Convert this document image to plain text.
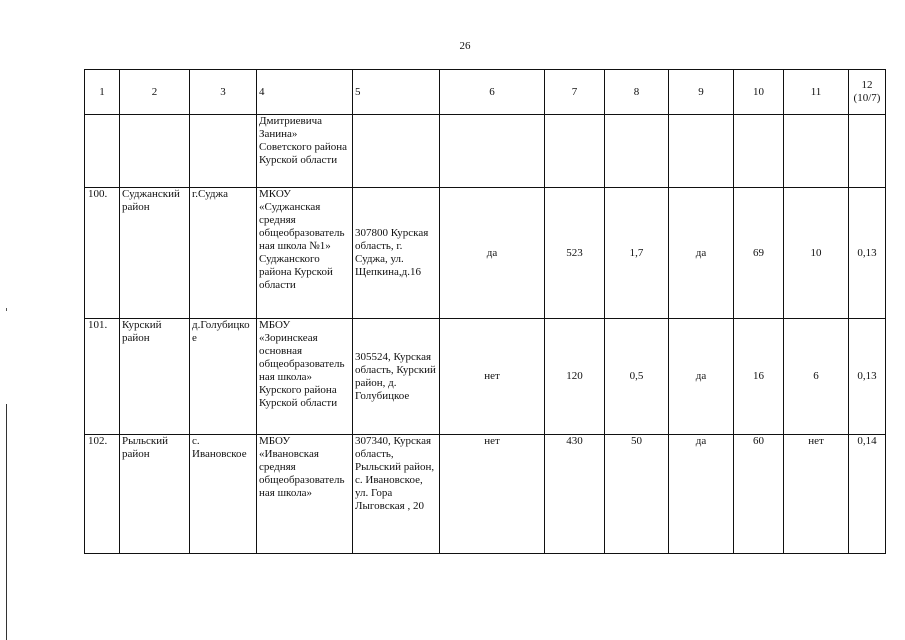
26
1	2	3	4	5	6	7	8	9	10	11	12 (10/7)
			Дмитриевича Занина» Советского района Курской области								
100.	Суджанский район	г.Суджа	МКОУ «Суджанская средняя общеобразовательная школа №1» Суджанского района Курской области	307800 Курская область, г. Суджа, ул. Щепкина,д.16	да	523	1,7	да	69	10	0,13
101.	Курский район	д.Голубицкое	МБОУ «Зоринскеая основная общеобразовательная школа» Курского района Курской области	305524, Курская область, Курский район, д. Голубицкое	нет	120	0,5	да	16	6	0,13
102.	Рыльский район	с. Ивановское	МБОУ «Ивановская средняя общеобразовательная школа»	307340, Курская область, Рыльский район, с. Ивановское, ул. Гора Лыговская , 20	нет	430	50	да	60	нет	0,14
